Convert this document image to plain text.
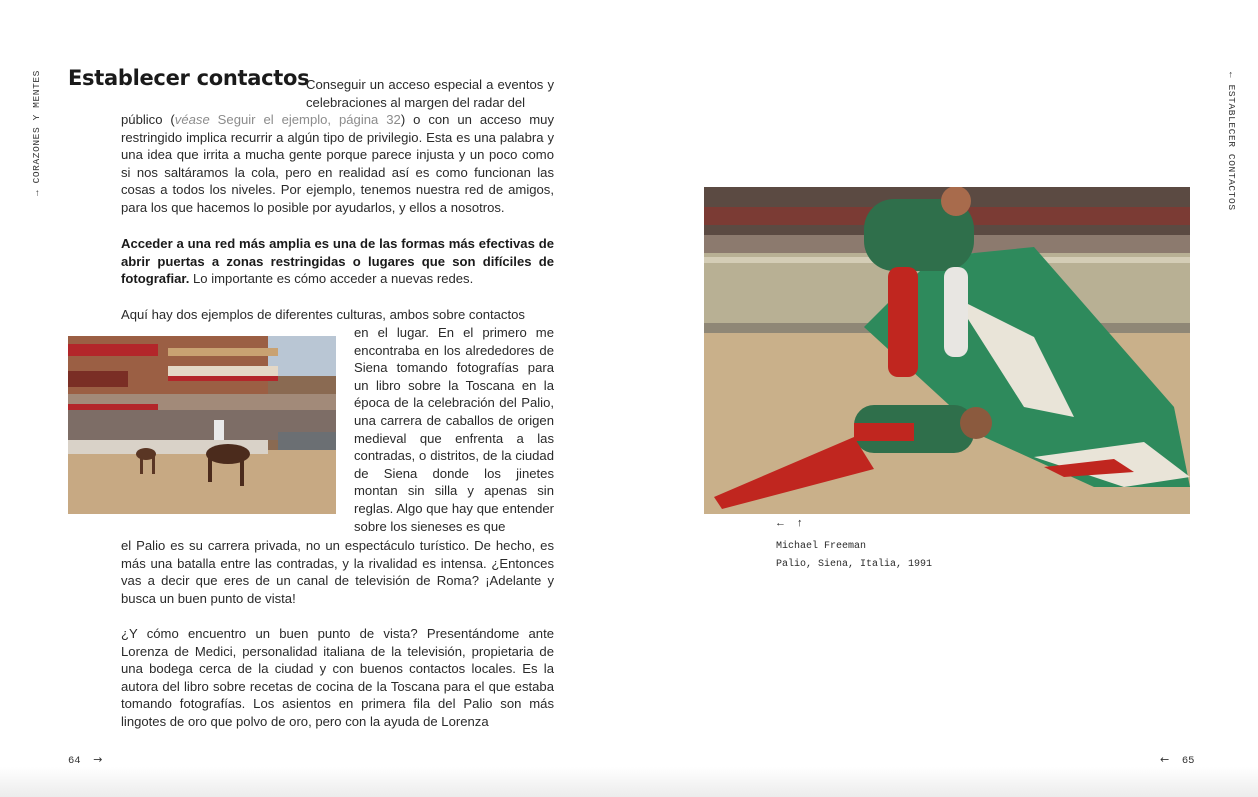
→ CORAZONES Y MENTES Establecer contactos

Conseguir un acceso especial a eventos y celebraciones al margen del radar del

público (véase Seguir el ejemplo, página 32) o con un acceso muy restringido implica recurrir a algún tipo de privilegio. Esta es una palabra y una idea que irrita a mucha gente porque parece injusta y un poco como si nos saltáramos la cola, pero en realidad así es como funcionan las cosas a todos los niveles. Por ejemplo, tenemos nuestra red de amigos, para los que hacemos lo posible por ayudarlos, y ellos a nosotros.

Acceder a una red más amplia es una de las formas más efectivas de abrir puertas a zonas restringidas o lugares que son difíciles de fotografiar. Lo importante es cómo acceder a nuevas redes.

Aquí hay dos ejemplos de diferentes culturas, ambos sobre contactos

en el lugar. En el primero me encontraba en los alrededores de Siena tomando fotografías para un libro sobre la Toscana en la época de la celebración del Palio, una carrera de caballos de origen medieval que enfrenta a las contradas, o distritos, de la ciudad de Siena donde los jinetes montan sin silla y apenas sin reglas. Algo que hay que entender sobre los sieneses es que

el Palio es su carrera privada, no un espectáculo turístico. De hecho, es más una batalla entre las contradas, y la rivalidad es intensa. ¿Entonces vas a decir que eres de un canal de televisión de Roma? ¡Adelante y busca un buen punto de vista!

¿Y cómo encuentro un buen punto de vista? Presentándome ante Lorenza de Medici, personalidad italiana de la televisión, propietaria de una bodega cerca de la ciudad y con buenos contactos locales. Es la autora del libro sobre recetas de cocina de la Toscana para el que estaba tomando fotografías. Los asientos en primera fila del Palio son más lingotes de oro que polvo de oro, pero con la ayuda de Lorenza

64 →
← ESTABLECER CONTACTOS
← ↑
Michael Freeman
Palio, Siena, Italia, 1991
← 65
